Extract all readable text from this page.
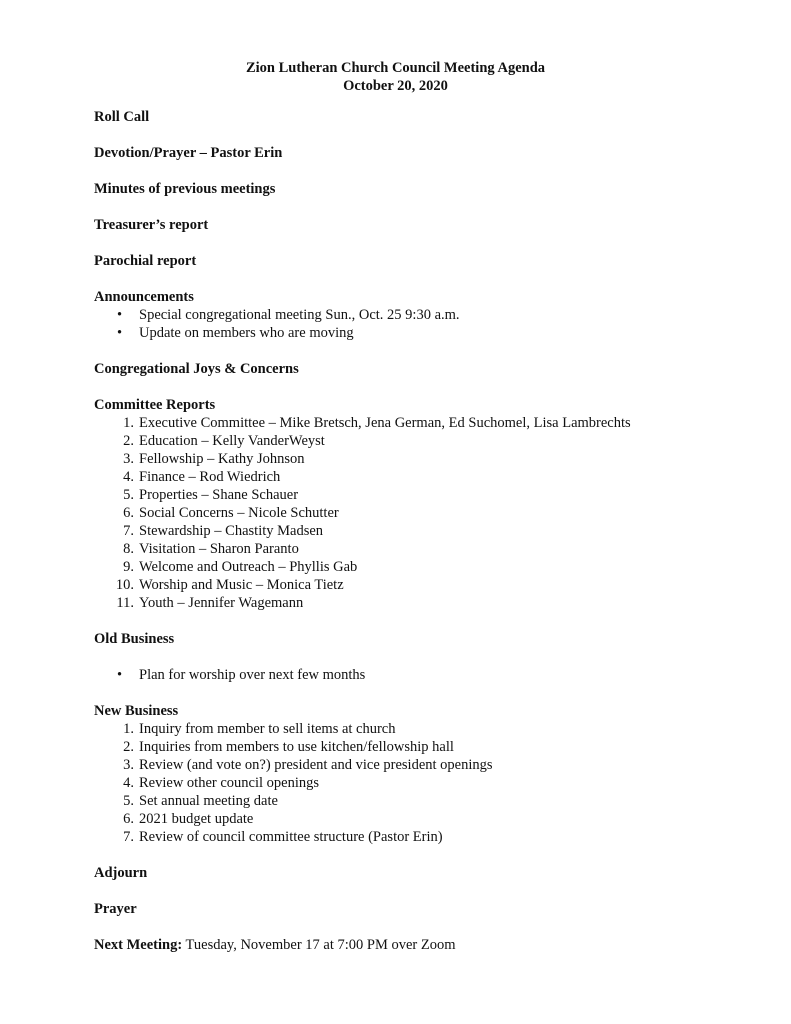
Zion Lutheran Church Council Meeting Agenda
October 20, 2020
Roll Call
Devotion/Prayer – Pastor Erin
Minutes of previous meetings
Treasurer’s report
Parochial report
Announcements
• Special congregational meeting Sun., Oct. 25 9:30 a.m.
• Update on members who are moving
Congregational Joys & Concerns
Committee Reports
1. Executive Committee – Mike Bretsch, Jena German, Ed Suchomel, Lisa Lambrechts
2. Education – Kelly VanderWeyst
3. Fellowship – Kathy Johnson
4. Finance – Rod Wiedrich
5. Properties – Shane Schauer
6. Social Concerns – Nicole Schutter
7. Stewardship – Chastity Madsen
8. Visitation – Sharon Paranto
9. Welcome and Outreach – Phyllis Gab
10. Worship and Music – Monica Tietz
11. Youth – Jennifer Wagemann
Old Business
• Plan for worship over next few months
New Business
1. Inquiry from member to sell items at church
2. Inquiries from members to use kitchen/fellowship hall
3. Review (and vote on?) president and vice president openings
4. Review other council openings
5. Set annual meeting date
6. 2021 budget update
7. Review of council committee structure (Pastor Erin)
Adjourn
Prayer
Next Meeting: Tuesday, November 17 at 7:00 PM over Zoom
